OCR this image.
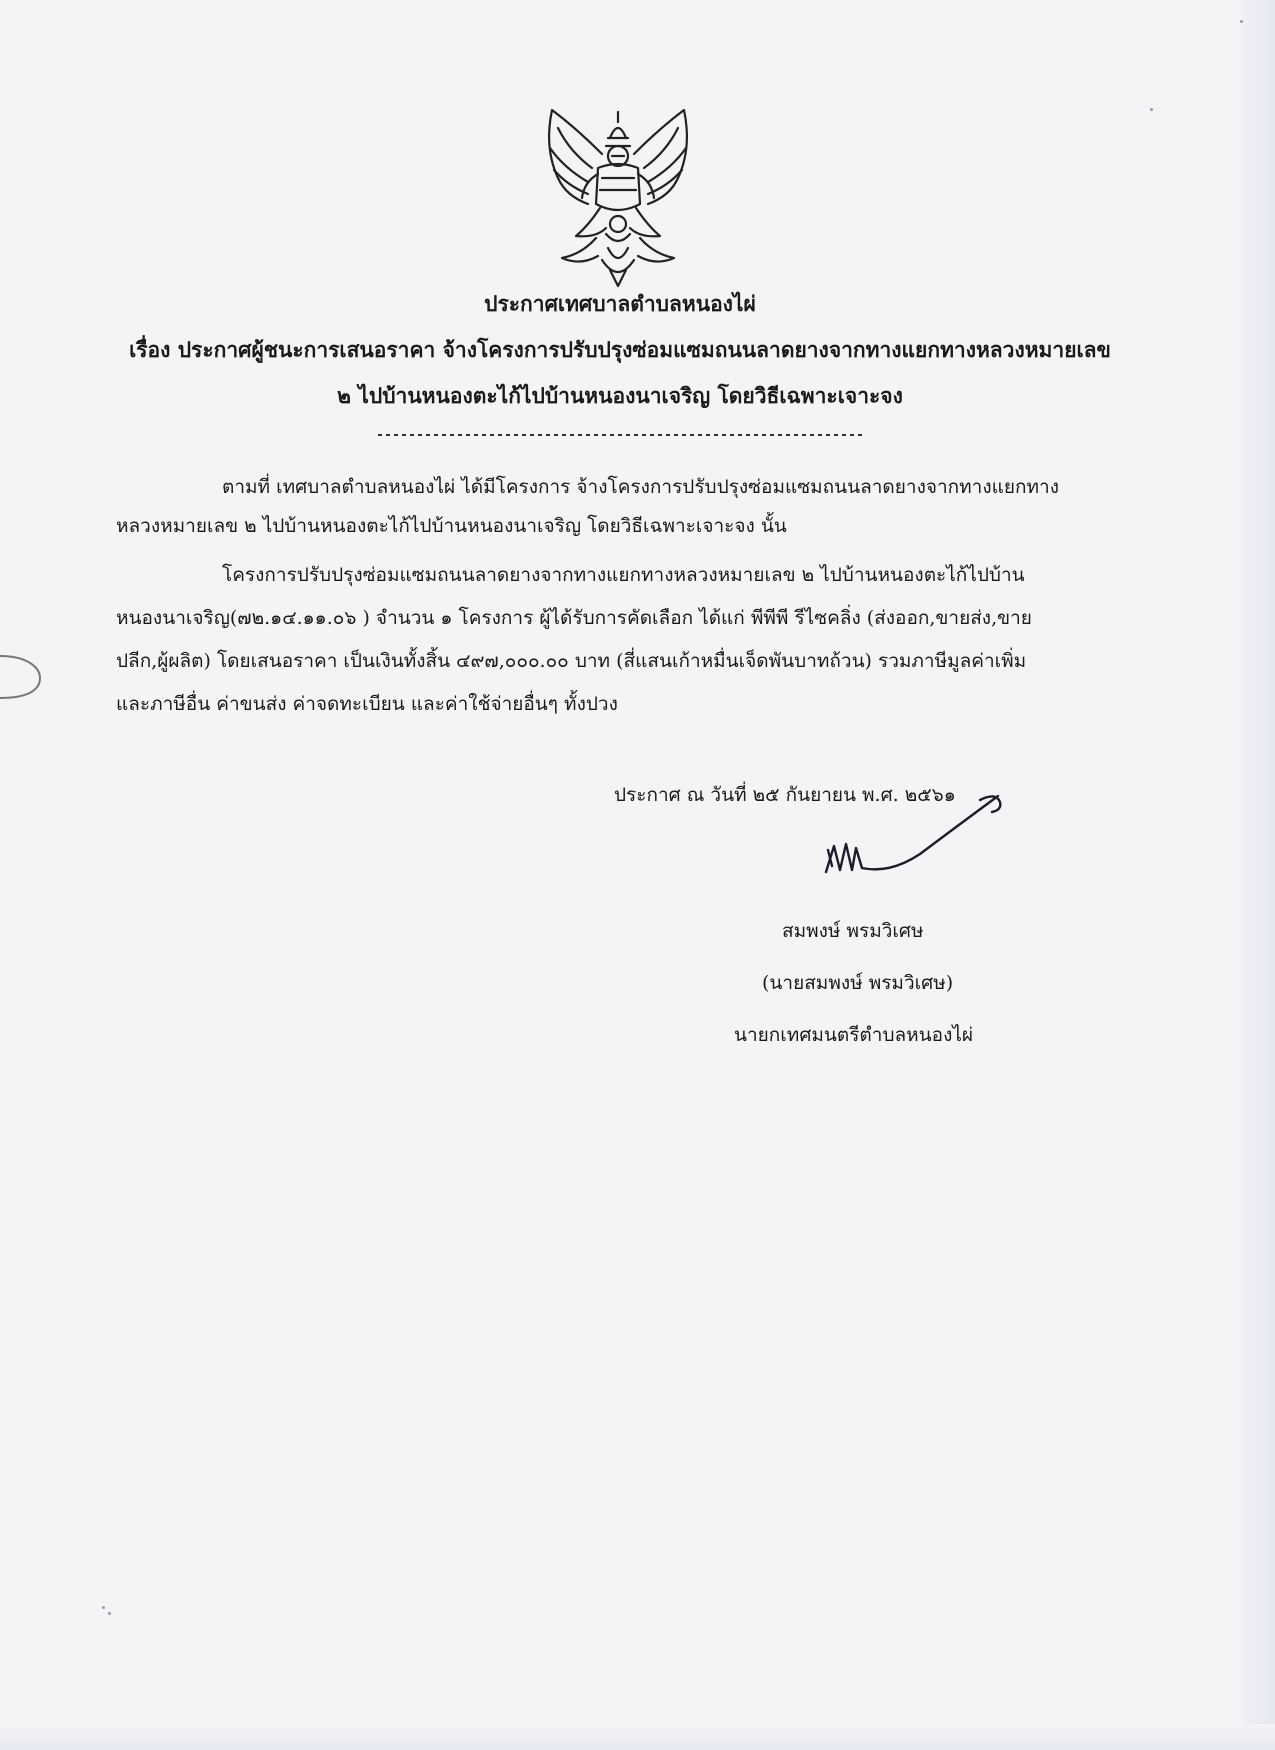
ประกาศเทศบาลตำบลหนองไผ่
เรื่อง ประกาศผู้ชนะการเสนอราคา จ้างโครงการปรับปรุงซ่อมแซมถนนลาดยางจากทางแยกทางหลวงหมายเลข
๒ ไปบ้านหนองตะไก้ไปบ้านหนองนาเจริญ โดยวิธีเฉพาะเจาะจง
ตามที่ เทศบาลตำบลหนองไผ่ ได้มีโครงการ จ้างโครงการปรับปรุงซ่อมแซมถนนลาดยางจากทางแยกทาง
หลวงหมายเลข ๒ ไปบ้านหนองตะไก้ไปบ้านหนองนาเจริญ โดยวิธีเฉพาะเจาะจง นั้น
โครงการปรับปรุงซ่อมแซมถนนลาดยางจากทางแยกทางหลวงหมายเลข ๒ ไปบ้านหนองตะไก้ไปบ้าน
หนองนาเจริญ(๗๒.๑๔.๑๑.๐๖ ) จำนวน ๑ โครงการ ผู้ได้รับการคัดเลือก ได้แก่ พีพีพี รีไซคลิ่ง (ส่งออก,ขายส่ง,ขาย
ปลีก,ผู้ผลิต) โดยเสนอราคา เป็นเงินทั้งสิ้น ๔๙๗,๐๐๐.๐๐ บาท (สี่แสนเก้าหมื่นเจ็ดพันบาทถ้วน) รวมภาษีมูลค่าเพิ่ม
และภาษีอื่น ค่าขนส่ง ค่าจดทะเบียน และค่าใช้จ่ายอื่นๆ ทั้งปวง
ประกาศ ณ วันที่ ๒๕ กันยายน พ.ศ. ๒๕๖๑
สมพงษ์ พรมวิเศษ
(นายสมพงษ์ พรมวิเศษ)
นายกเทศมนตรีตำบลหนองไผ่
